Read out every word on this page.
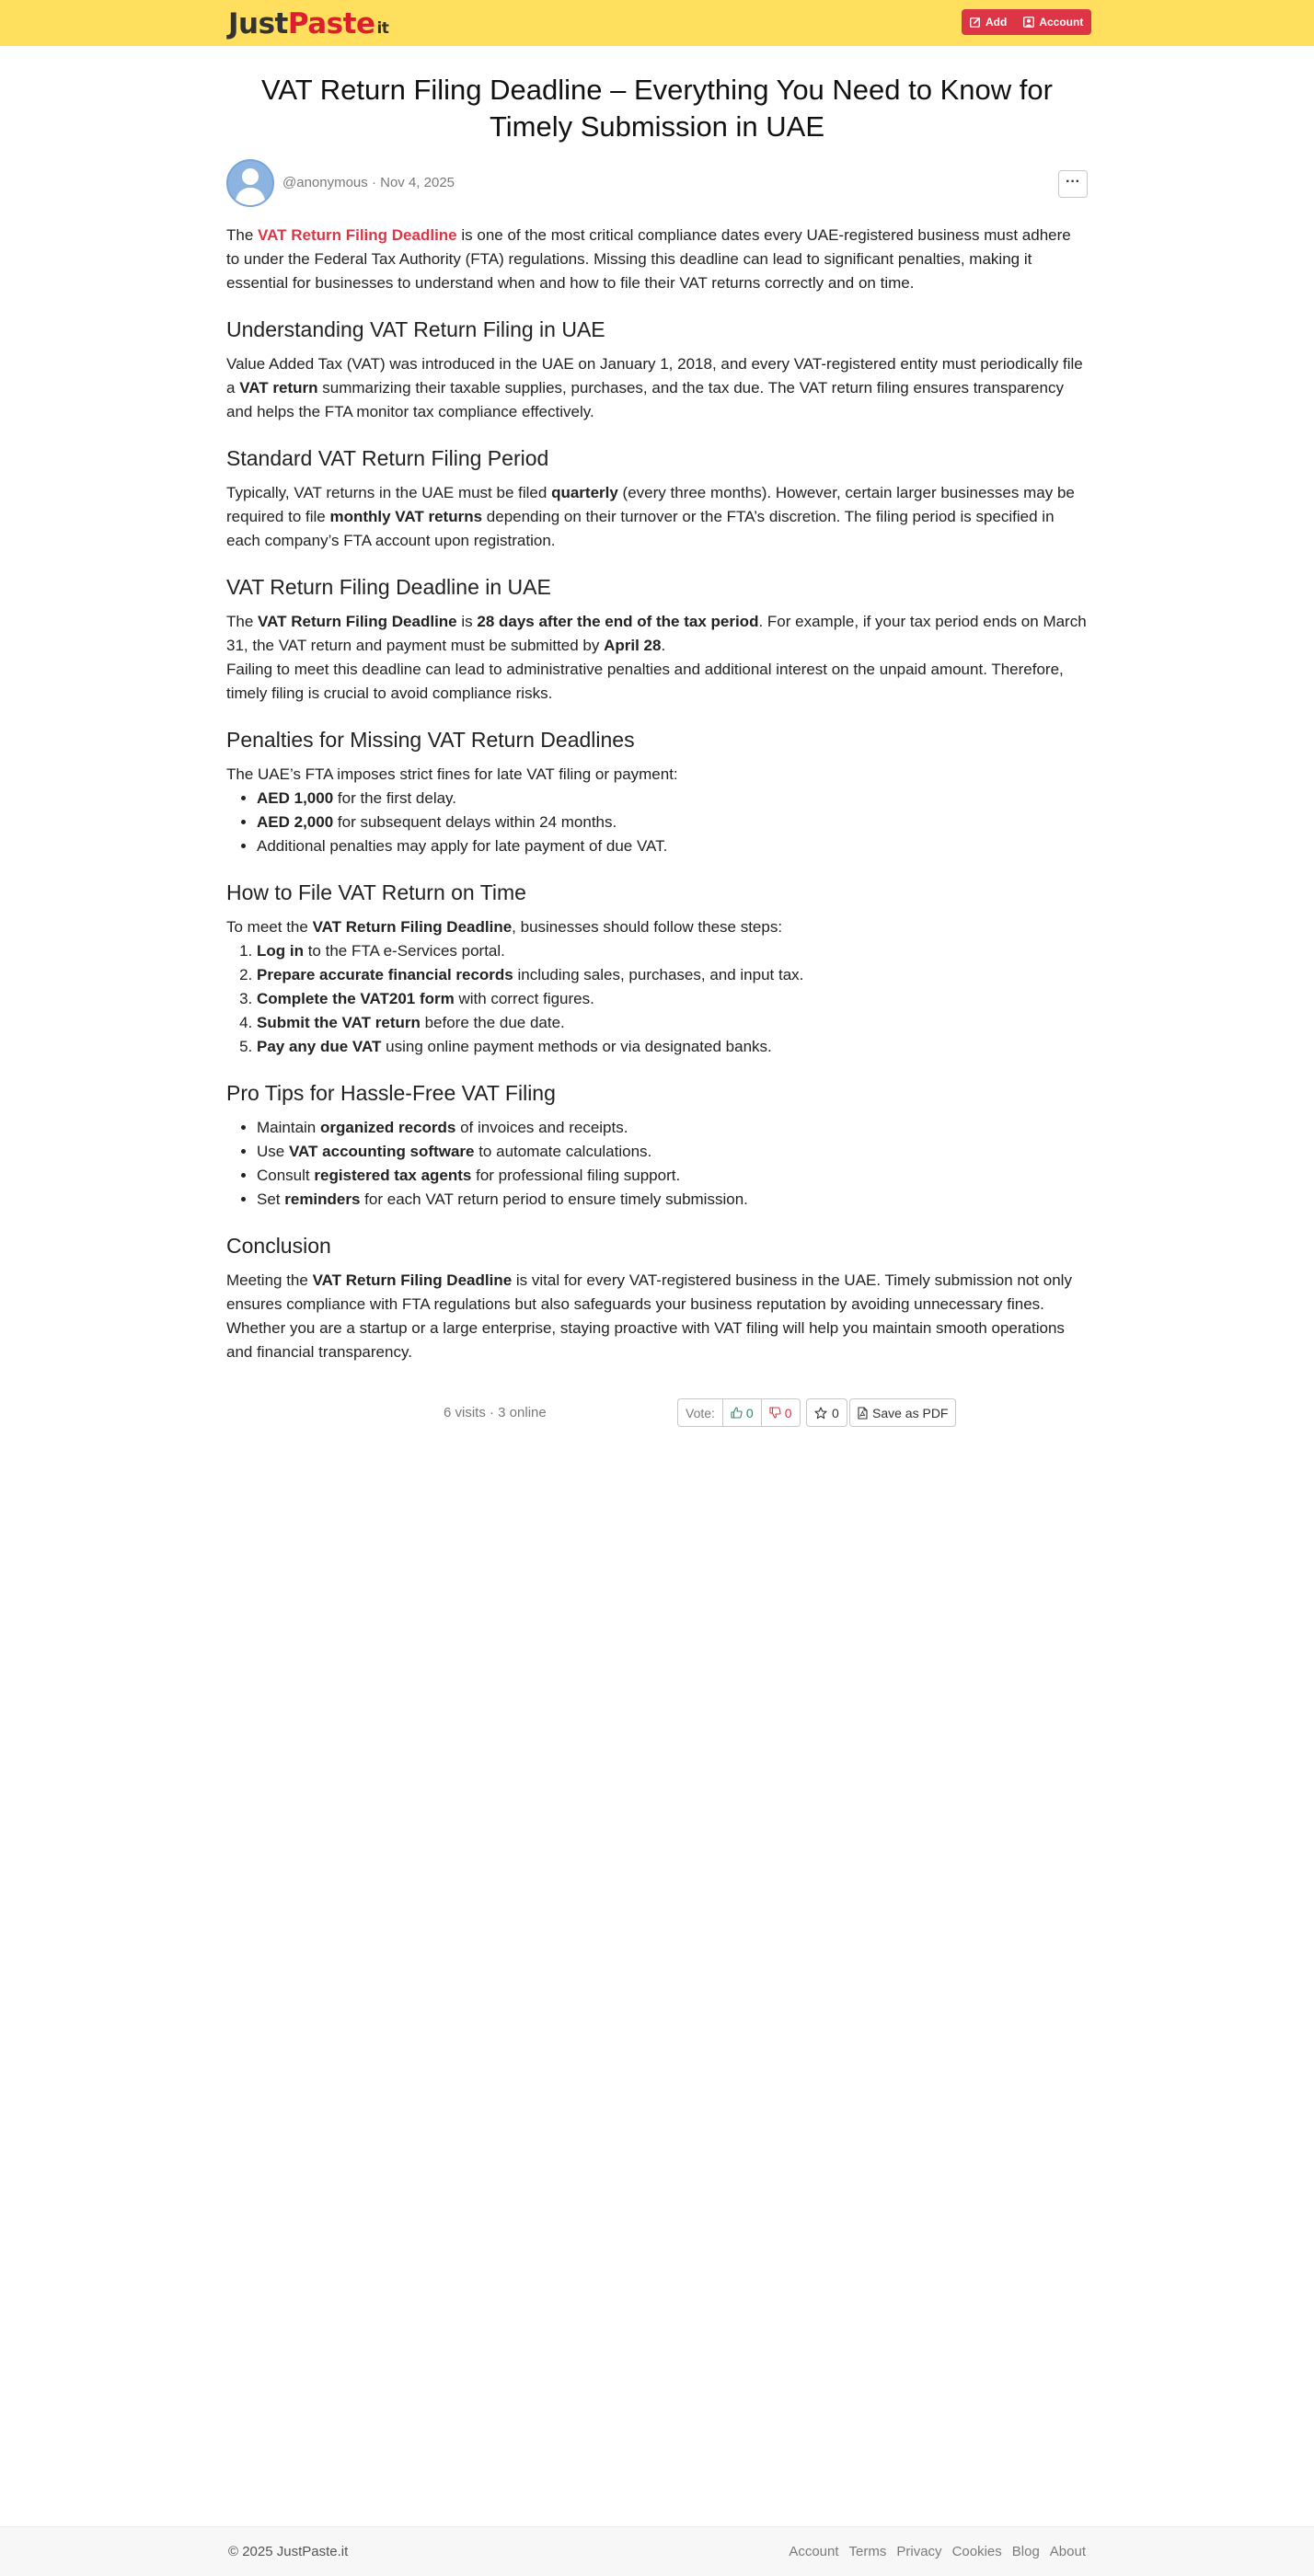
JustPaste it	Add	Account
VAT Return Filing Deadline – Everything You Need to Know for Timely Submission in UAE
@anonymous · Nov 4, 2025	···

The VAT Return Filing Deadline is one of the most critical compliance dates every UAE-registered business must adhere to under the Federal Tax Authority (FTA) regulations. Missing this deadline can lead to significant penalties, making it essential for businesses to understand when and how to file their VAT returns correctly and on time.

Understanding VAT Return Filing in UAE

Value Added Tax (VAT) was introduced in the UAE on January 1, 2018, and every VAT-registered entity must periodically file a VAT return summarizing their taxable supplies, purchases, and the tax due. The VAT return filing ensures transparency and helps the FTA monitor tax compliance effectively.

Standard VAT Return Filing Period

Typically, VAT returns in the UAE must be filed quarterly (every three months). However, certain larger businesses may be required to file monthly VAT returns depending on their turnover or the FTA’s discretion. The filing period is specified in each company’s FTA account upon registration.

VAT Return Filing Deadline in UAE

The VAT Return Filing Deadline is 28 days after the end of the tax period. For example, if your tax period ends on March 31, the VAT return and payment must be submitted by April 28.
Failing to meet this deadline can lead to administrative penalties and additional interest on the unpaid amount. Therefore, timely filing is crucial to avoid compliance risks.

Penalties for Missing VAT Return Deadlines
The UAE’s FTA imposes strict fines for late VAT filing or payment:
• AED 1,000 for the first delay.
• AED 2,000 for subsequent delays within 24 months.
• Additional penalties may apply for late payment of due VAT.
How to File VAT Return on Time
To meet the VAT Return Filing Deadline, businesses should follow these steps:
1. Log in to the FTA e-Services portal.
2. Prepare accurate financial records including sales, purchases, and input tax.
3. Complete the VAT201 form with correct figures.
4. Submit the VAT return before the due date.
5. Pay any due VAT using online payment methods or via designated banks.
Pro Tips for Hassle-Free VAT Filing
• Maintain organized records of invoices and receipts.
• Use VAT accounting software to automate calculations.
• Consult registered tax agents for professional filing support.
• Set reminders for each VAT return period to ensure timely submission.
Conclusion

Meeting the VAT Return Filing Deadline is vital for every VAT-registered business in the UAE. Timely submission not only ensures compliance with FTA regulations but also safeguards your business reputation by avoiding unnecessary fines. Whether you are a startup or a large enterprise, staying proactive with VAT filing will help you maintain smooth operations and financial transparency.

6 visits · 3 online	Vote:	0 0	0	Save as PDF
© 2025 JustPaste.it	Account Terms Privacy Cookies Blog About
